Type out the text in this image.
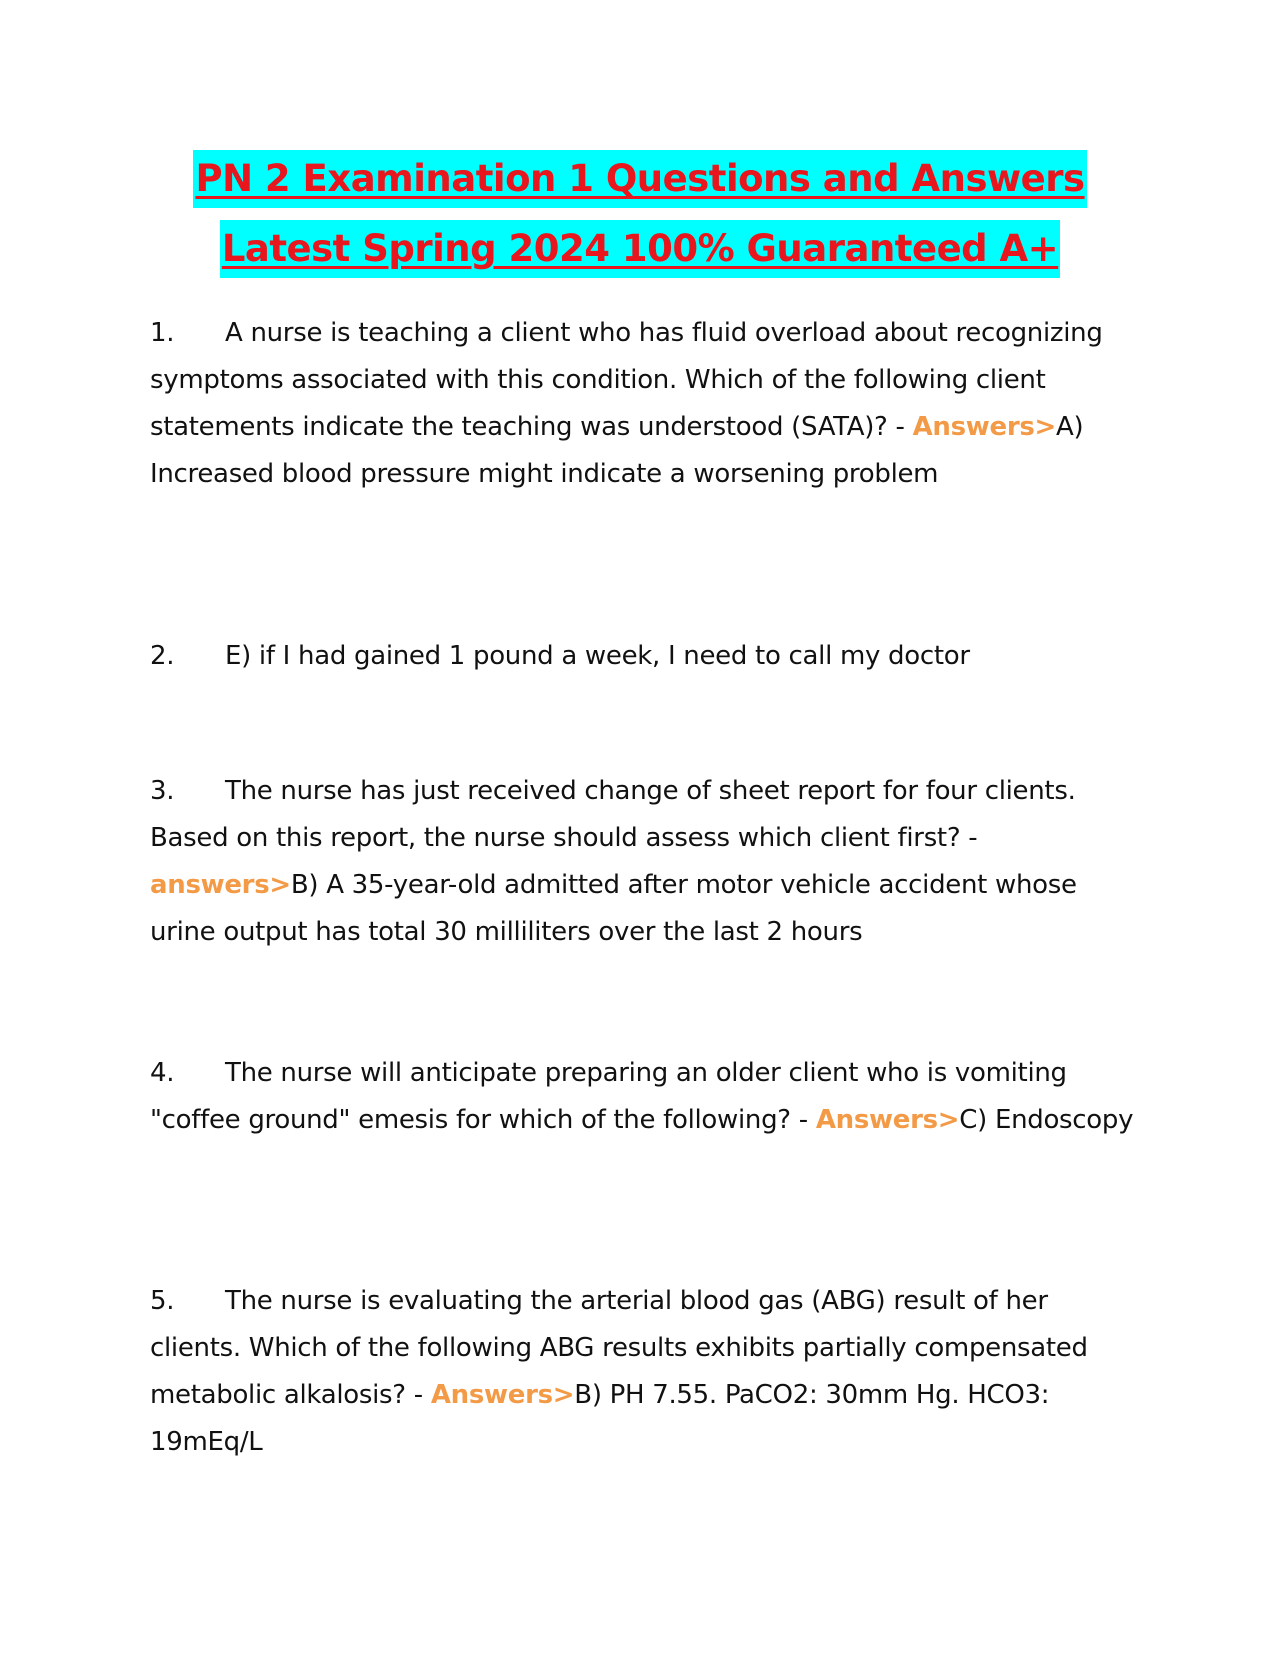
PN 2 Examination 1 Questions and Answers
Latest Spring 2024 100% Guaranteed A+
1. A nurse is teaching a client who has fluid overload about recognizing symptoms associated with this condition. Which of the following client statements indicate the teaching was understood (SATA)? - Answers>A) Increased blood pressure might indicate a worsening problem
2. E) if I had gained 1 pound a week, I need to call my doctor
3. The nurse has just received change of sheet report for four clients. Based on this report, the nurse should assess which client first? - answers>B) A 35-year-old admitted after motor vehicle accident whose urine output has total 30 milliliters over the last 2 hours
4. The nurse will anticipate preparing an older client who is vomiting "coffee ground" emesis for which of the following? - Answers>C) Endoscopy
5. The nurse is evaluating the arterial blood gas (ABG) result of her clients. Which of the following ABG results exhibits partially compensated metabolic alkalosis? - Answers>B) PH 7.55. PaCO2: 30mm Hg. HCO3: 19mEq/L
